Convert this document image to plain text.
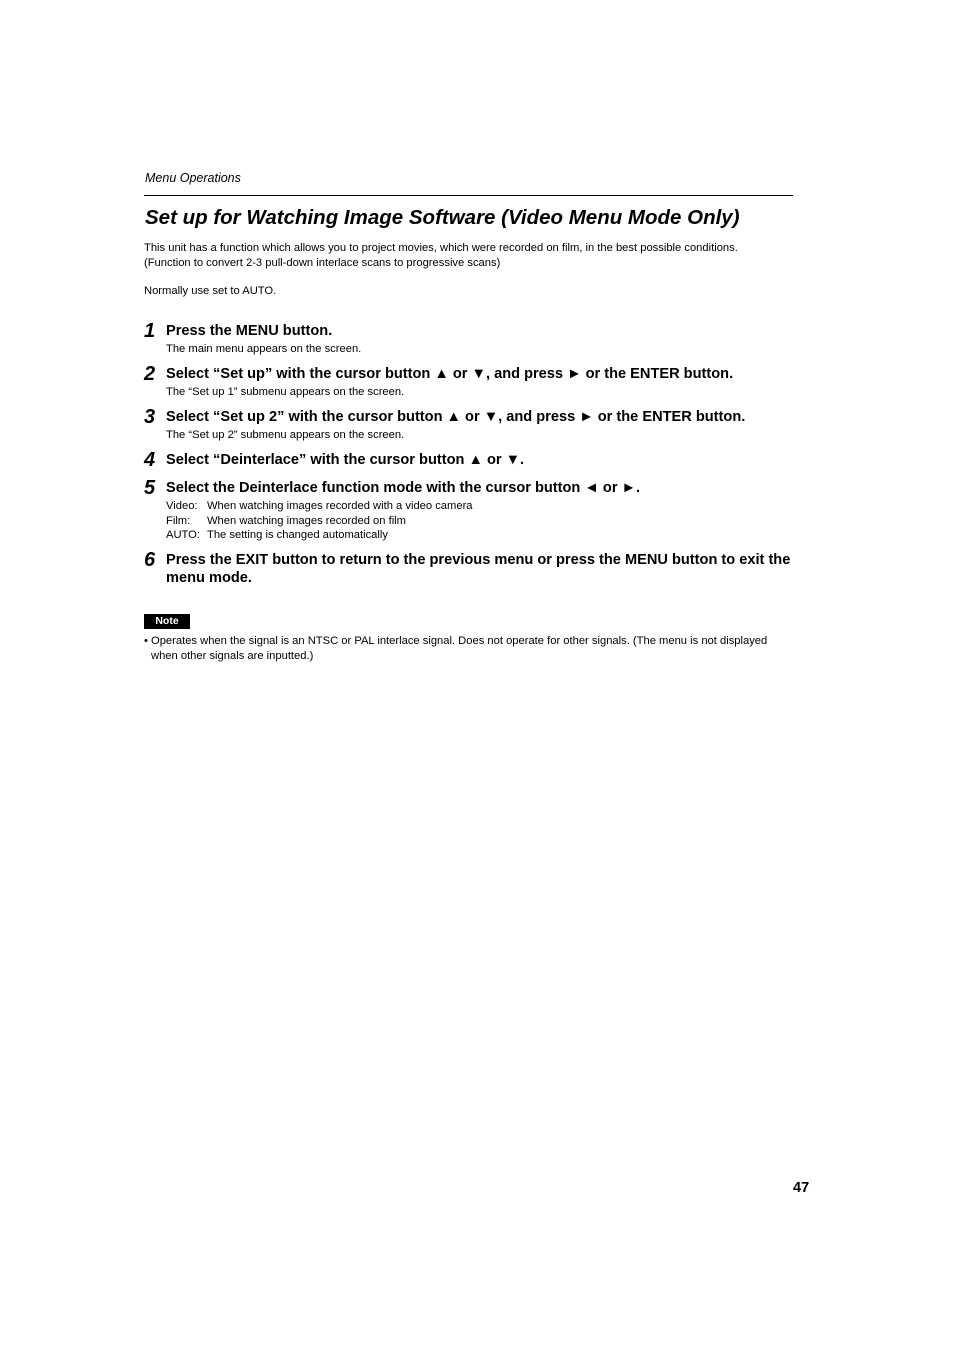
Menu Operations
Set up for Watching Image Software (Video Menu Mode Only)
This unit has a function which allows you to project movies, which were recorded on film, in the best possible conditions.
(Function to convert 2-3 pull-down interlace scans to progressive scans)
Normally use set to AUTO.
1 Press the MENU button.
The main menu appears on the screen.
2 Select “Set up” with the cursor button ▲ or ▼, and press ► or the ENTER button.
The “Set up 1” submenu appears on the screen.
3 Select “Set up 2” with the cursor button ▲ or ▼, and press ► or the ENTER button.
The “Set up 2” submenu appears on the screen.
4 Select “Deinterlace” with the cursor button ▲ or ▼.
5 Select the Deinterlace function mode with the cursor button ◄ or ►.
Video: When watching images recorded with a video camera
Film:	When watching images recorded on film
AUTO: The setting is changed automatically
6 Press the EXIT button to return to the previous menu or press the MENU button to exit the menu mode.
Note
• Operates when the signal is an NTSC or PAL interlace signal. Does not operate for other signals. (The menu is not displayed when other signals are inputted.)
47
